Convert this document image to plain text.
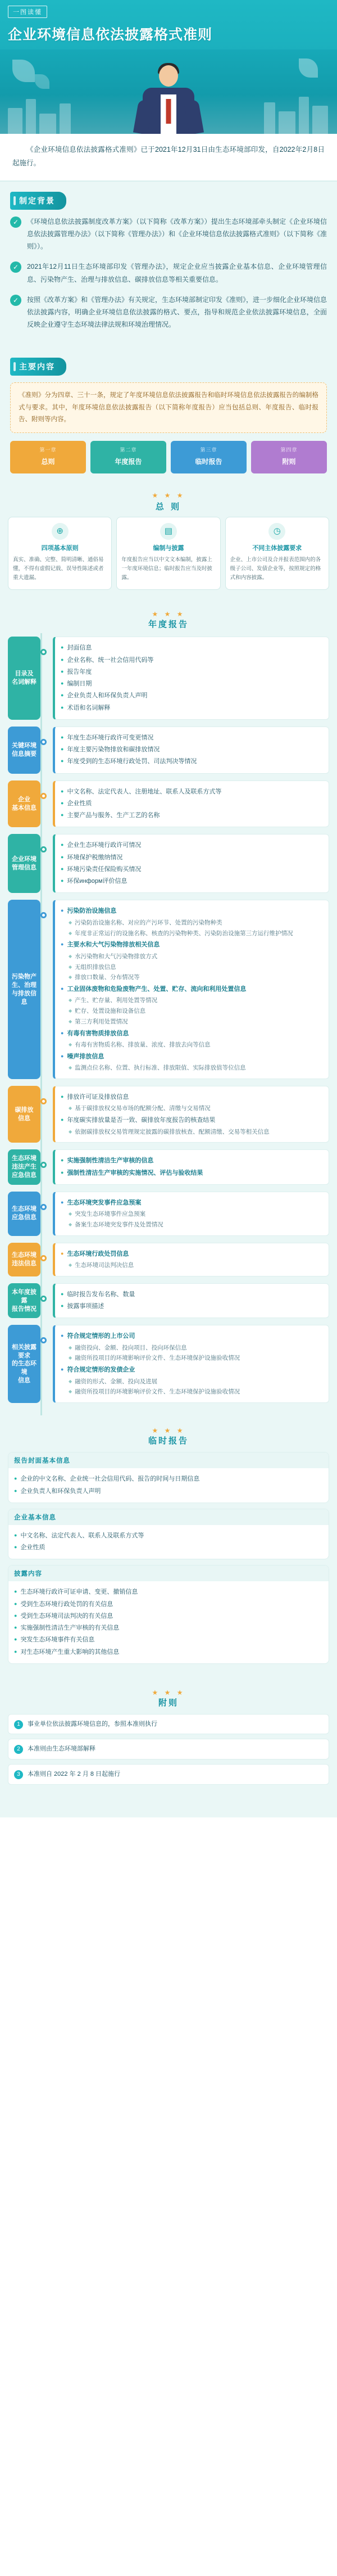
一图读懂
企业环境信息依法披露格式准则
《企业环境信息依法披露格式准则》已于2021年12月31日由生态环境部印发，自2022年2月8日起施行。
制定背景
✓	《环境信息依法披露制度改革方案》（以下简称《改革方案》）提出生态环境部牵头制定《企业环境信息依法披露管理办法》（以下简称《管理办法》）和《企业环境信息依法披露格式准则》（以下简称《准则》）。
✓	2021年12月11日生态环境部印发《管理办法》，规定企业应当披露企业基本信息、企业环境管理信息、污染物产生、治理与排放信息、碳排放信息等相关重要信息。
✓	按照《改革方案》和《管理办法》有关规定，生态环境部制定印发《准则》，进一步细化企业环境信息依法披露内容，明确企业环境信息依法披露的格式、要点，指导和规范企业依法披露环境信息，全面反映企业遵守生态环境法律法规和环境治理情况。
主要内容
《准则》分为四章、三十一条，规定了年度环境信息依法披露报告和临时环境信息依法披露报告的编制格式与要求。其中，年度环境信息依法披露报告（以下简称年度报告）应当包括总则、年度报告、临时报告、附则等内容。
第一章
总则
第二章
年度报告
第三章
临时报告
第四章
附则
★ ★ ★
总 则
⊕
四项基本原则
真实、准确、完整、简明清晰、通俗易懂，不得有虚假记载、误导性陈述或者重大遗漏。
▤
编制与披露
年度报告应当以中文文本编制，披露上一年度环境信息；临时报告应当及时披露。
◷
不同主体披露要求
企业、上市公司及合并报表范围内的各级子公司、发债企业等，按照规定的格式和内容披露。
★ ★ ★
年度报告
目录及
名词解释
● 封面信息
● 企业名称、统一社会信用代码等
● 报告年度
● 编制日期
● 企业负责人和环保负责人声明
● 术语和名词解释
关键环境
信息摘要
● 年度生态环境行政许可变更情况
● 年度主要污染物排放和碳排放情况
● 年度受到的生态环境行政处罚、司法判决等情况
企业
基本信息
● 中文名称、法定代表人、注册地址、联系人及联系方式等
● 企业性质
● 主要产品与服务、生产工艺的名称
企业环境
管理信息
● 企业生态环境行政许可情况
● 环境保护税缴纳情况
● 环境污染责任保险购买情况
● 环保информ评价信息
污染物产
生、治理
与排放信息
● 污染防治设施信息
◆ 污染防治设施名称、对应的产污环节、处置的污染物种类
◆ 年度非正常运行的设施名称、核查的污染物种类、污染防治设施第三方运行维护情况
● 主要水和大气污染物排放相关信息
◆ 水污染物和大气污染物排放方式
◆ 无组织排放信息
◆ 排放口数量、分布情况等
● 工业固体废物和危险废物产生、处置、贮存、流向和利用处置信息
◆ 产生、贮存量、利用处置等情况
◆ 贮存、处置设施和设备信息
◆ 第三方利用处置情况
● 有毒有害物质排放信息
◆ 有毒有害物质名称、排放量、浓度、排放去向等信息
● 噪声排放信息
◆ 监测点位名称、位置、执行标准、排放限值、实际排放值等位信息
碳排放
信息
● 排放许可证及排放信息
◆ 基于碳排放权交易市场的配额分配、清缴与交易情况
● 年度碳实排放量是否一致、碳排放年度报告的核查结果
◆ 依据碳排放权交易管理规定披露的碳排放核查、配额清缴、交易等相关信息
生态环境
违法产生
应急信息
● 实施强制性清洁生产审核的信息
● 强制性清洁生产审核的实施情况、评估与验收结果
生态环境
应急信息
● 生态环境突发事件应急预案
◆ 突发生态环境事件应急预案
◆ 备案生态环境突发事件及处置情况
生态环境
违法信息
● 生态环境行政处罚信息
◆ 生态环境司法判决信息
本年度披露
报告情况
● 临时报告发布名称、数量
● 披露事项描述
相关披露要求
的生态环境
信息
● 符合规定情形的上市公司
◆ 融资投向、金额、投向项目、投向环保信息
◆ 融资所投项目的环境影响评价文件、生态环境保护设施验收情况
● 符合规定情形的发债企业
◆ 融资的形式、金额、投向及进展
◆ 融资所投项目的环境影响评价文件、生态环境保护设施验收情况
★ ★ ★
临时报告
报告封面基本信息
● 企业的中文名称、企业统一社会信用代码、报告的时间与日期信息
● 企业负责人和环保负责人声明
企业基本信息
● 中文名称、法定代表人、联系人及联系方式等
● 企业性质
披露内容
● 生态环境行政许可证申请、变更、撤销信息
● 受到生态环境行政处罚的有关信息
● 受到生态环境司法判决的有关信息
● 实施强制性清洁生产审核的有关信息
● 突发生态环境事件有关信息
● 对生态环境产生重大影响的其他信息
★ ★ ★
附则
1	事业单位依法披露环境信息的，参照本准则执行
2	本准则由生态环境部解释
3	本准则自 2022 年 2 月 8 日起施行
